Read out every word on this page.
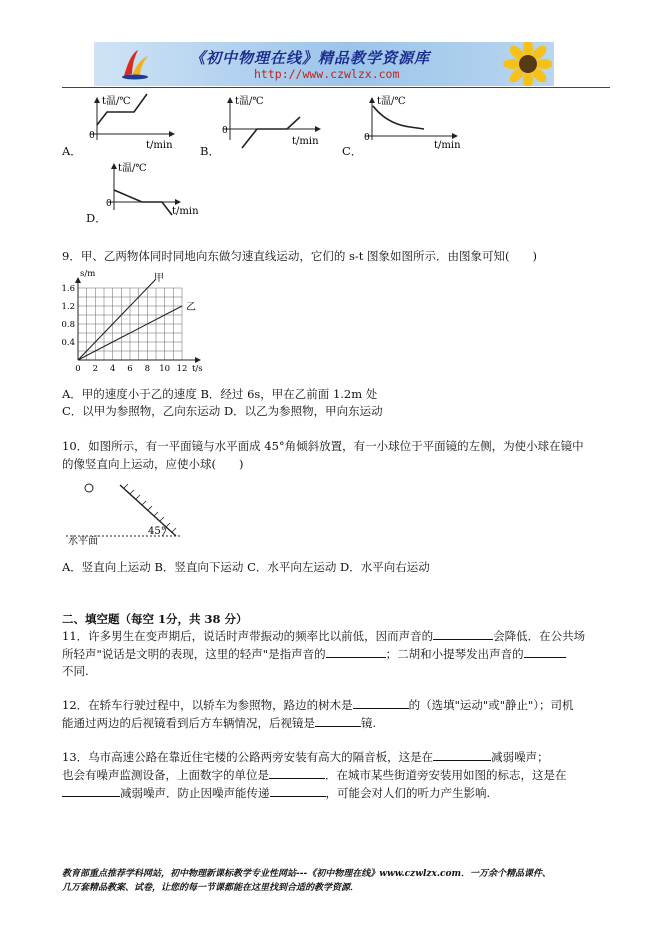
《初中物理在线》精品教学资源库
http://www.czwlzx.com
0
t温/℃
t/min
0
t温/℃
t/min	0
t温/℃
t/min
A．	B．	C．
0
t温/℃
t/min
D．
9．甲、乙两物体同时同地向东做匀速直线运动，它们的 s-t 图象如图所示．由图象可知(　　)
甲
乙
0 2 4 6 8 10 12
0.4
0.8
1.2
1.6
s/m
t/s
A．甲的速度小于乙的速度 B．经过 6s，甲在乙前面 1.2m 处
C．以甲为参照物，乙向东运动 D．以乙为参照物，甲向东运动
10．如图所示，有一平面镜与水平面成 45°角倾斜放置，有一小球位于平面镜的左侧，为使小球在镜中
的像竖直向上运动，应使小球(　　)
45°
水平面
A．竖直向上运动 B．竖直向下运动 C．水平向左运动 D．水平向右运动
二、填空题（每空 1分，共 38 分）
11．许多男生在变声期后，说话时声带振动的频率比以前低，因而声音的	会降低．在公共场
所轻声"说话是文明的表现，这里的轻声"是指声音的	；二胡和小提琴发出声音的
不同.
12．在轿车行驶过程中，以轿车为参照物，路边的树木是	的（选填"运动"或"静止"）；司机
能通过两边的后视镜看到后方车辆情况，后视镜是	镜.
13．乌市高速公路在靠近住宅楼的公路两旁安装有高大的隔音板，这是在	减弱噪声；
也会有噪声监测设备，上面数字的单位是	．在城市某些街道旁安装用如图的标志，这是在
减弱噪声．防止因噪声能传递	，可能会对人们的听力产生影响.
教育部重点推荐学科网站，初中物理新课标教学专业性网站---《初中物理在线》www.czwlzx.com．一万余个精品课件、
几万套精品教案、试卷，让您的每一节课都能在这里找到合适的教学资源．
